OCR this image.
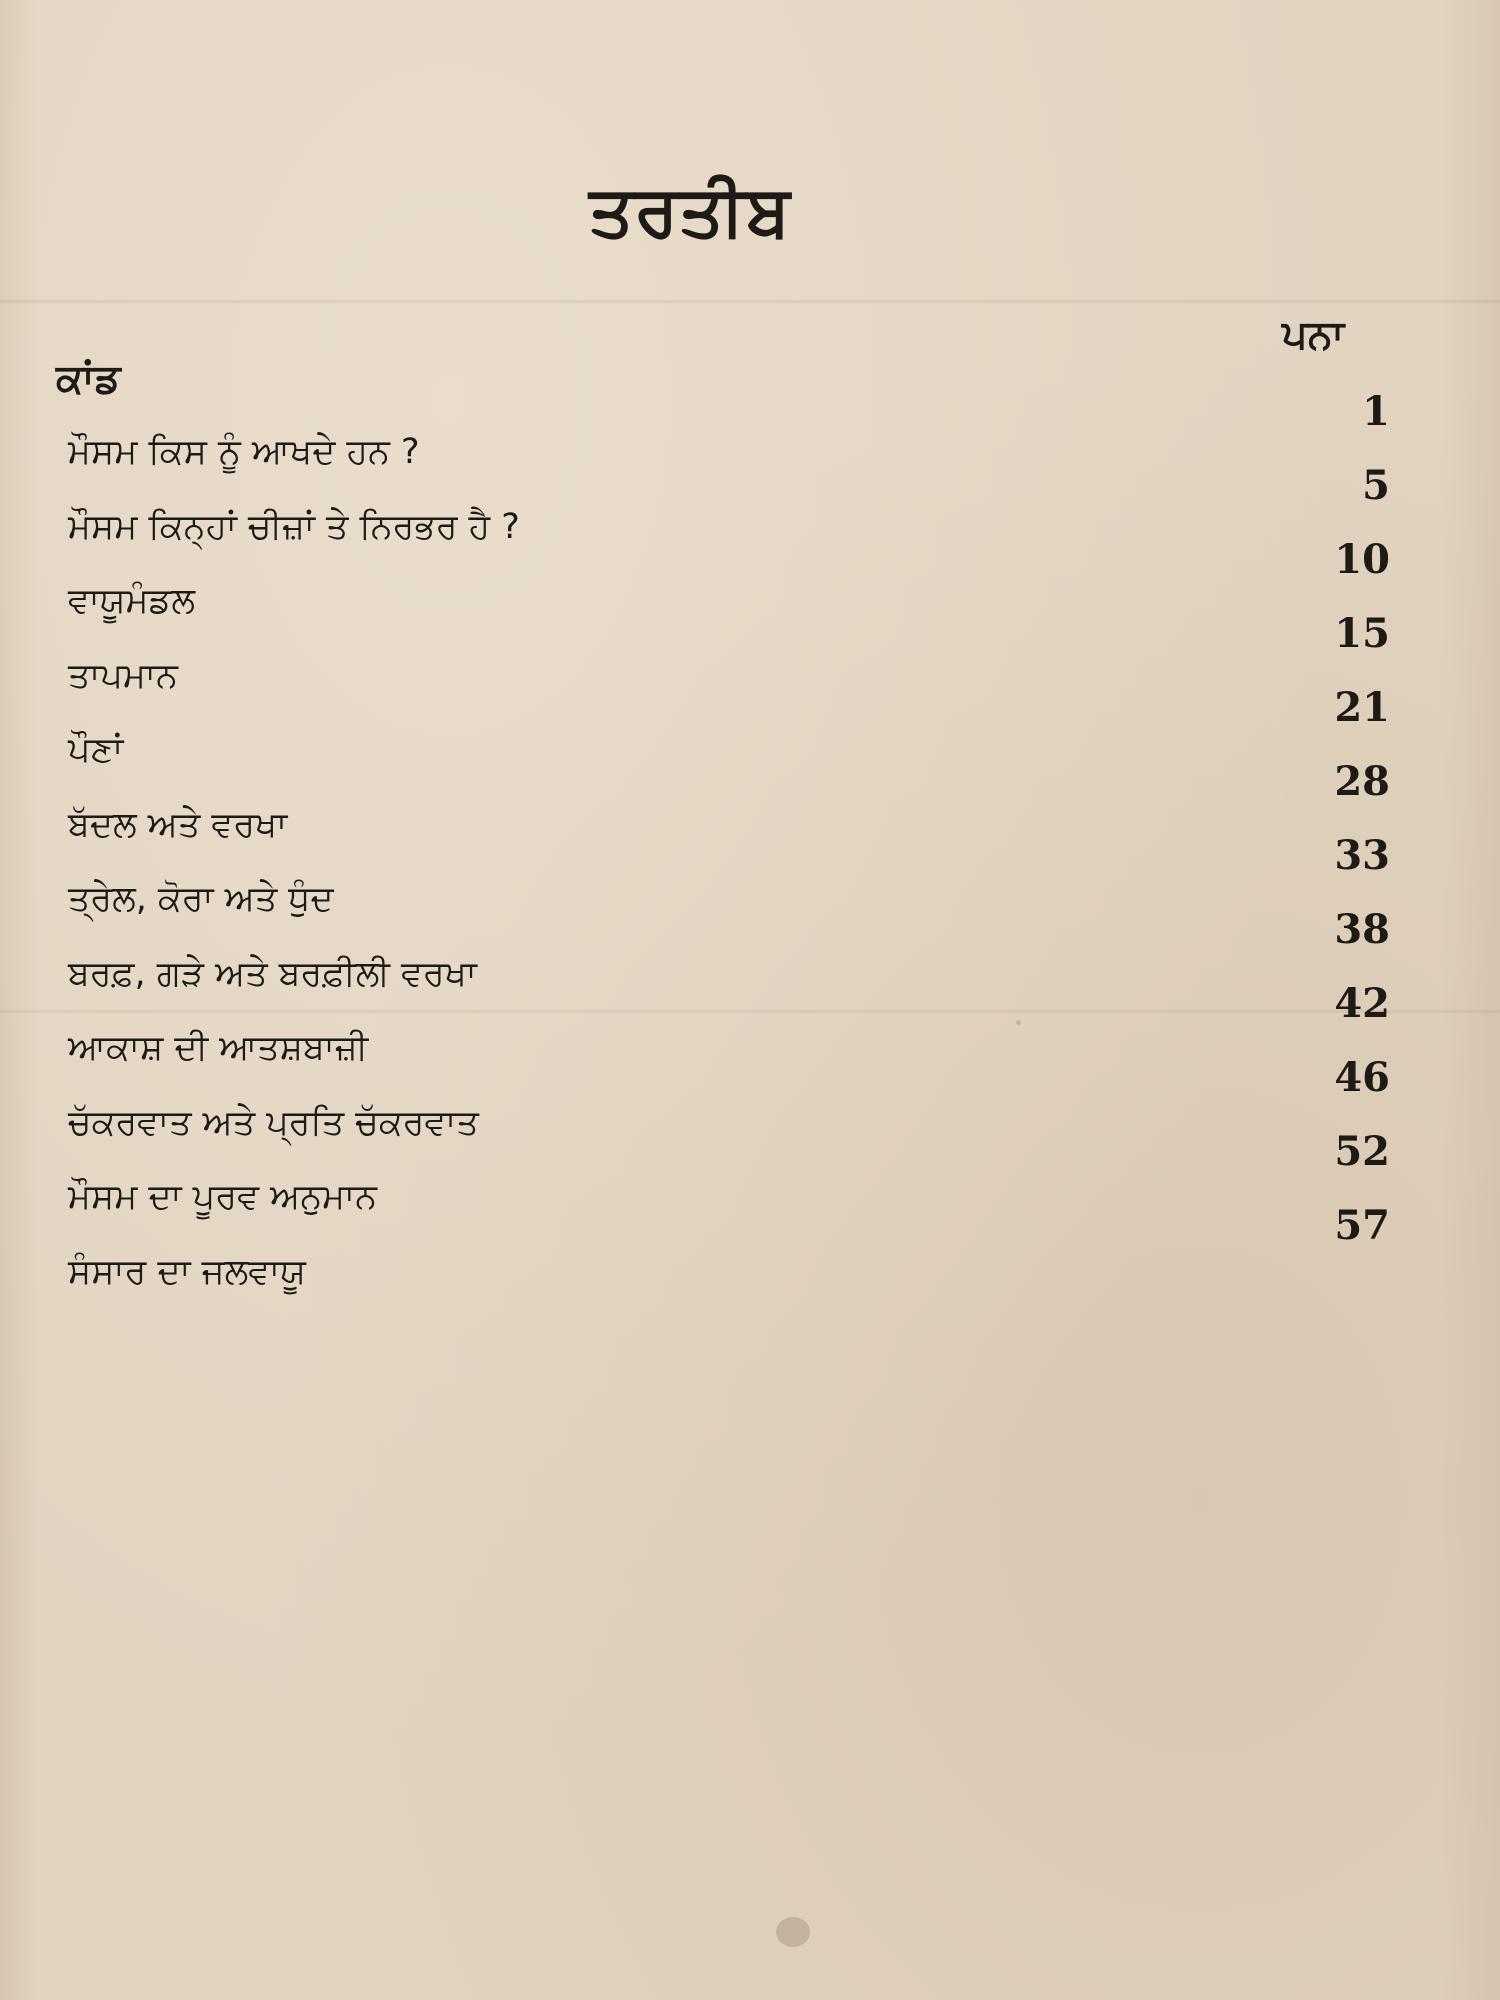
ਤਰਤੀਬ
ਕਾਂਡ
ਪਨਾ
ਮੌਸਮ ਕਿਸ ਨੂੰ ਆਖਦੇ ਹਨ ?
ਮੌਸਮ ਕਿਨ੍ਹਾਂ ਚੀਜ਼ਾਂ ਤੇ ਨਿਰਭਰ ਹੈ ?
ਵਾਯੂਮੰਡਲ
ਤਾਪਮਾਨ
ਪੌਣਾਂ
ਬੱਦਲ ਅਤੇ ਵਰਖਾ
ਤ੍ਰੇਲ, ਕੋਰਾ ਅਤੇ ਧੁੰਦ
ਬਰਫ਼, ਗੜੇ ਅਤੇ ਬਰਫ਼ੀਲੀ ਵਰਖਾ
ਆਕਾਸ਼ ਦੀ ਆਤਸ਼ਬਾਜ਼ੀ
ਚੱਕਰਵਾਤ ਅਤੇ ਪ੍ਰਤਿ ਚੱਕਰਵਾਤ
ਮੌਸਮ ਦਾ ਪੂਰਵ ਅਨੁਮਾਨ
ਸੰਸਾਰ ਦਾ ਜਲਵਾਯੂ
1
5
10
15
21
28
33
38
42
46
52
57
